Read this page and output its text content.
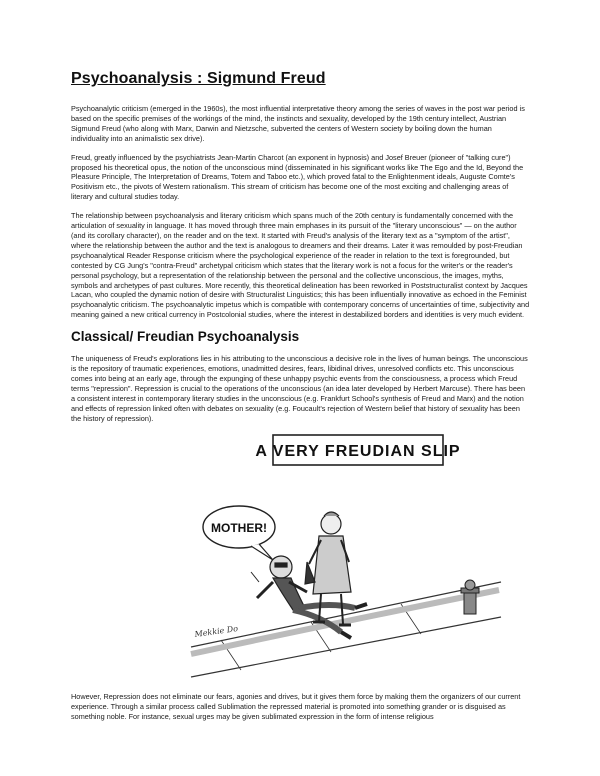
Psychoanalysis : Sigmund Freud

Psychoanalytic criticism (emerged in the 1960s), the most influential interpretative theory among the series of waves in the post war period is based on the specific premises of the workings of the mind, the instincts and sexuality, developed by the 19th century intellect, Austrian Sigmund Freud (who along with Marx, Darwin and Nietzsche, subverted the centers of Western society by boiling down the human individuality into an animalistic sex drive).

Freud, greatly influenced by the psychiatrists Jean-Martin Charcot (an exponent in hypnosis) and Josef Breuer (pioneer of "talking cure") proposed his theoretical opus, the notion of the unconscious mind (disseminated in his significant works like The Ego and the Id, Beyond the Pleasure Principle, The Interpretation of Dreams, Totem and Taboo etc.), which proved fatal to the Enlightenment ideals, Auguste Comte's Positivism etc., the pivots of Western rationalism. This stream of criticism has become one of the most exciting and challenging areas of literary and cultural studies today.

The relationship between psychoanalysis and literary criticism which spans much of the 20th century is fundamentally concerned with the articulation of sexuality in language. It has moved through three main emphases in its pursuit of the "literary unconscious" — on the author (and its corollary character), on the reader and on the text. It started with Freud's analysis of the literary text as a "symptom of the artist", where the relationship between the author and the text is analogous to dreamers and their dreams. Later it was remoulded by post-Freudian psychoanalytical Reader Response criticism where the psychological experience of the reader in relation to the text is foregrounded, but contested by CG Jung's "contra-Freud" archetypal criticism which states that the literary work is not a focus for the writer's or the reader's personal psychology, but a representation of the relationship between the personal and the collective unconscious, the images, myths, symbols and archetypes of past cultures. More recently, this theoretical delineation has been reworked in Poststructuralist context by Jacques Lacan, who coupled the dynamic notion of desire with Structuralist Linguistics; this has been influentially innovative as echoed in the Feminist psychoanalytic criticism. The psychoanalytic impetus which is compatible with contemporary concerns of uncertainties of time, subjectivity and meaning gained a new critical currency in Postcolonial studies, where the interest in destabilized borders and identities is very much evident.

Classical/ Freudian Psychoanalysis

The uniqueness of Freud's explorations lies in his attributing to the unconscious a decisive role in the lives of human beings. The unconscious is the repository of traumatic experiences, emotions, unadmitted desires, fears, libidinal drives, unresolved conflicts etc. This unconscious comes into being at an early age, through the expunging of these unhappy psychic events from the consciousness, a process which Freud terms "repression". Repression is crucial to the operations of the unconscious (an idea later developed by Herbert Marcuse). There has been a consistent interest in contemporary literary studies in the unconscious (e.g. Frankfurt School's synthesis of Freud and Marx) and the notion and effects of repression linked often with debates on sexuality (e.g. Foucault's rejection of Western belief that history of sexuality has been the history of repression).

A VERY FREUDIAN SLIP
MOTHER!
Mekkie Do

However, Repression does not eliminate our fears, agonies and drives, but it gives them force by making them the organizers of our current experience. Through a similar process called Sublimation the repressed material is promoted into something grander or is disguised as something noble. For instance, sexual urges may be given sublimated expression in the form of intense religious
